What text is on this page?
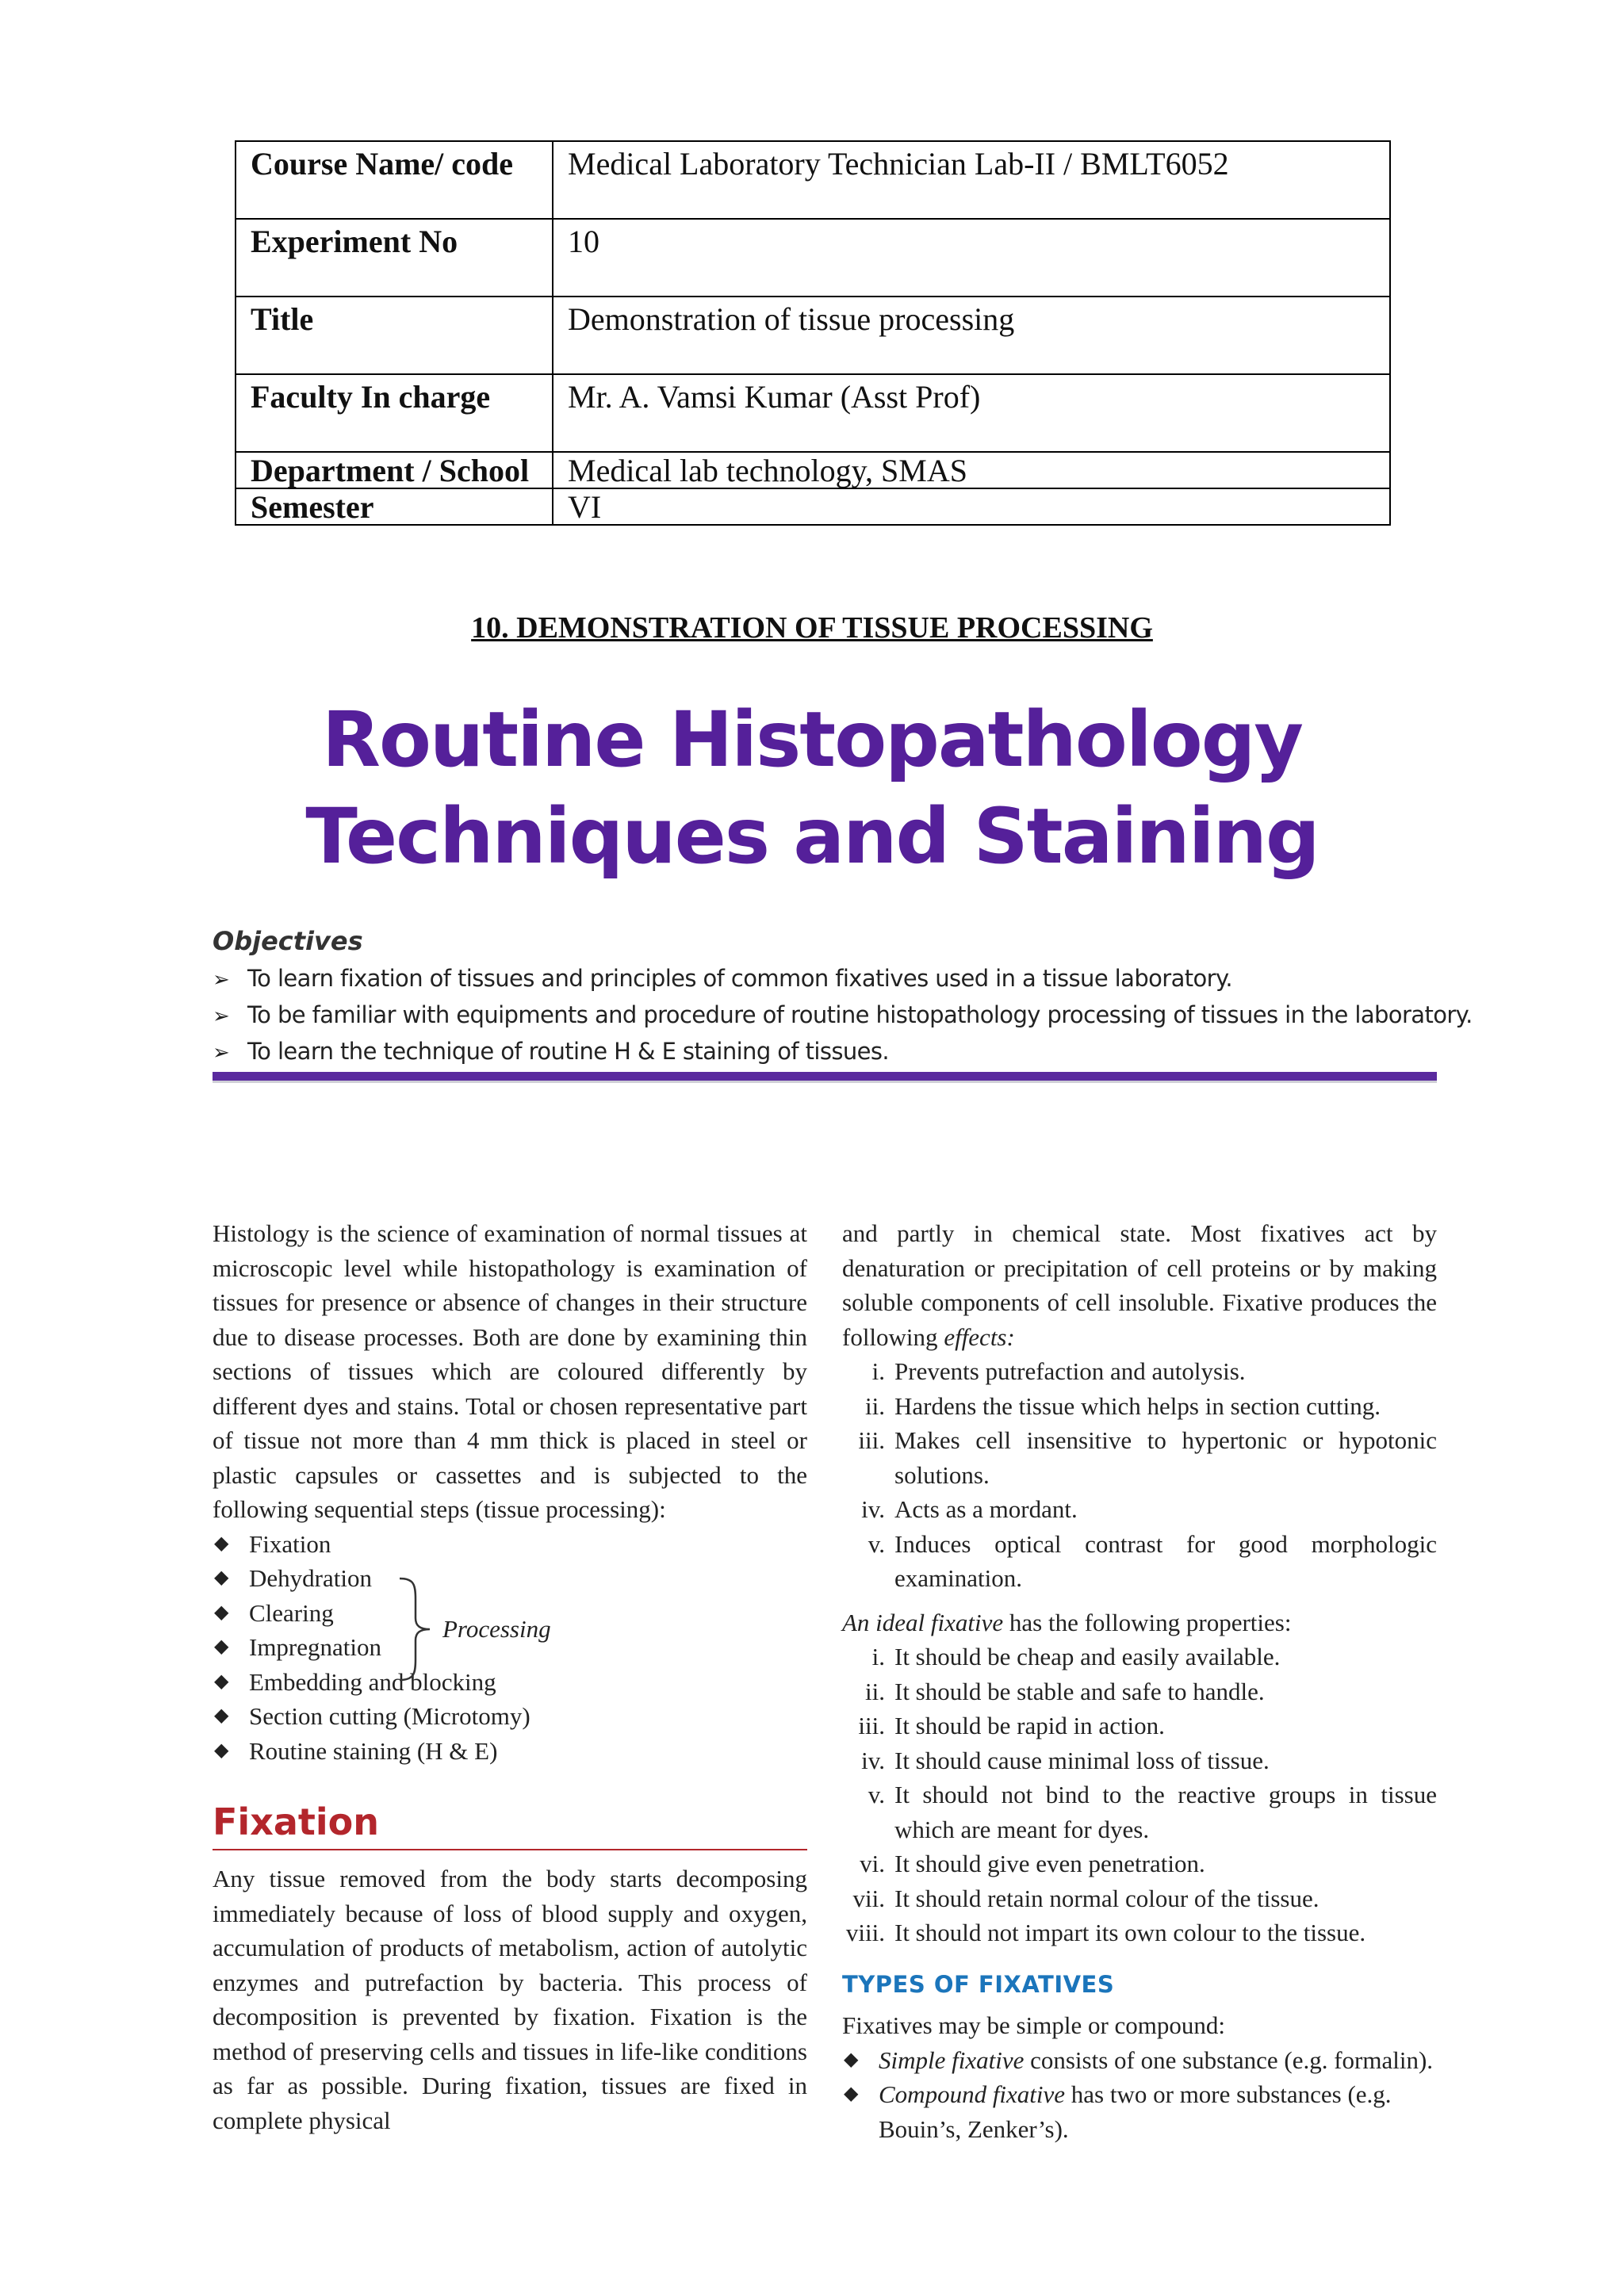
Course Name/ code	Medical Laboratory Technician Lab-II / BMLT6052
Experiment No	10
Title	Demonstration of tissue processing
Faculty In charge	Mr. A. Vamsi Kumar (Asst Prof)
Department / School	Medical lab technology, SMAS
Semester	VI
10. DEMONSTRATION OF TISSUE PROCESSING
Routine Histopathology
Techniques and Staining
Objectives
➢ To learn fixation of tissues and principles of common fixatives used in a tissue laboratory.
➢ To be familiar with equipments and procedure of routine histopathology processing of tissues in the laboratory.
➢ To learn the technique of routine H & E staining of tissues.

Histology is the science of examination of normal tissues at microscopic level while histopathology is examination of tissues for presence or absence of changes in their structure due to disease processes. Both are done by examining thin sections of tissues which are coloured differently by different dyes and stains. Total or chosen representative part of tissue not more than 4 mm thick is placed in steel or plastic capsules or cassettes and is subjected to the following sequential steps (tissue processing):

◆ Fixation
◆ Dehydration
◆ Clearing
◆ Impregnation
◆ Embedding and blocking
◆ Section cutting (Microtomy)
◆ Routine staining (H & E)
Processing
Fixation

Any tissue removed from the body starts decomposing immediately because of loss of blood supply and oxygen, accumulation of products of metabolism, action of autolytic enzymes and putrefaction by bacteria. This process of decomposition is prevented by fixation. Fixation is the method of preserving cells and tissues in life-like conditions as far as possible. During fixation, tissues are fixed in complete physical

and partly in chemical state. Most fixatives act by denaturation or precipitation of cell proteins or by making soluble components of cell insoluble. Fixative produces the following effects:

i. Prevents putrefaction and autolysis.
ii. Hardens the tissue which helps in section cutting.
iii. Makes cell insensitive to hypertonic or hypotonic solutions.
iv. Acts as a mordant.
v. Induces optical contrast for good morphologic examination.

An ideal fixative has the following properties:

i. It should be cheap and easily available.
ii. It should be stable and safe to handle.
iii. It should be rapid in action.
iv. It should cause minimal loss of tissue.
v. It should not bind to the reactive groups in tissue which are meant for dyes.
vi. It should give even penetration.
vii. It should retain normal colour of the tissue.
viii. It should not impart its own colour to the tissue.
TYPES OF FIXATIVES

Fixatives may be simple or compound:

◆ Simple fixative consists of one substance (e.g. formalin).
◆ Compound fixative has two or more substances (e.g. Bouin’s, Zenker’s).
